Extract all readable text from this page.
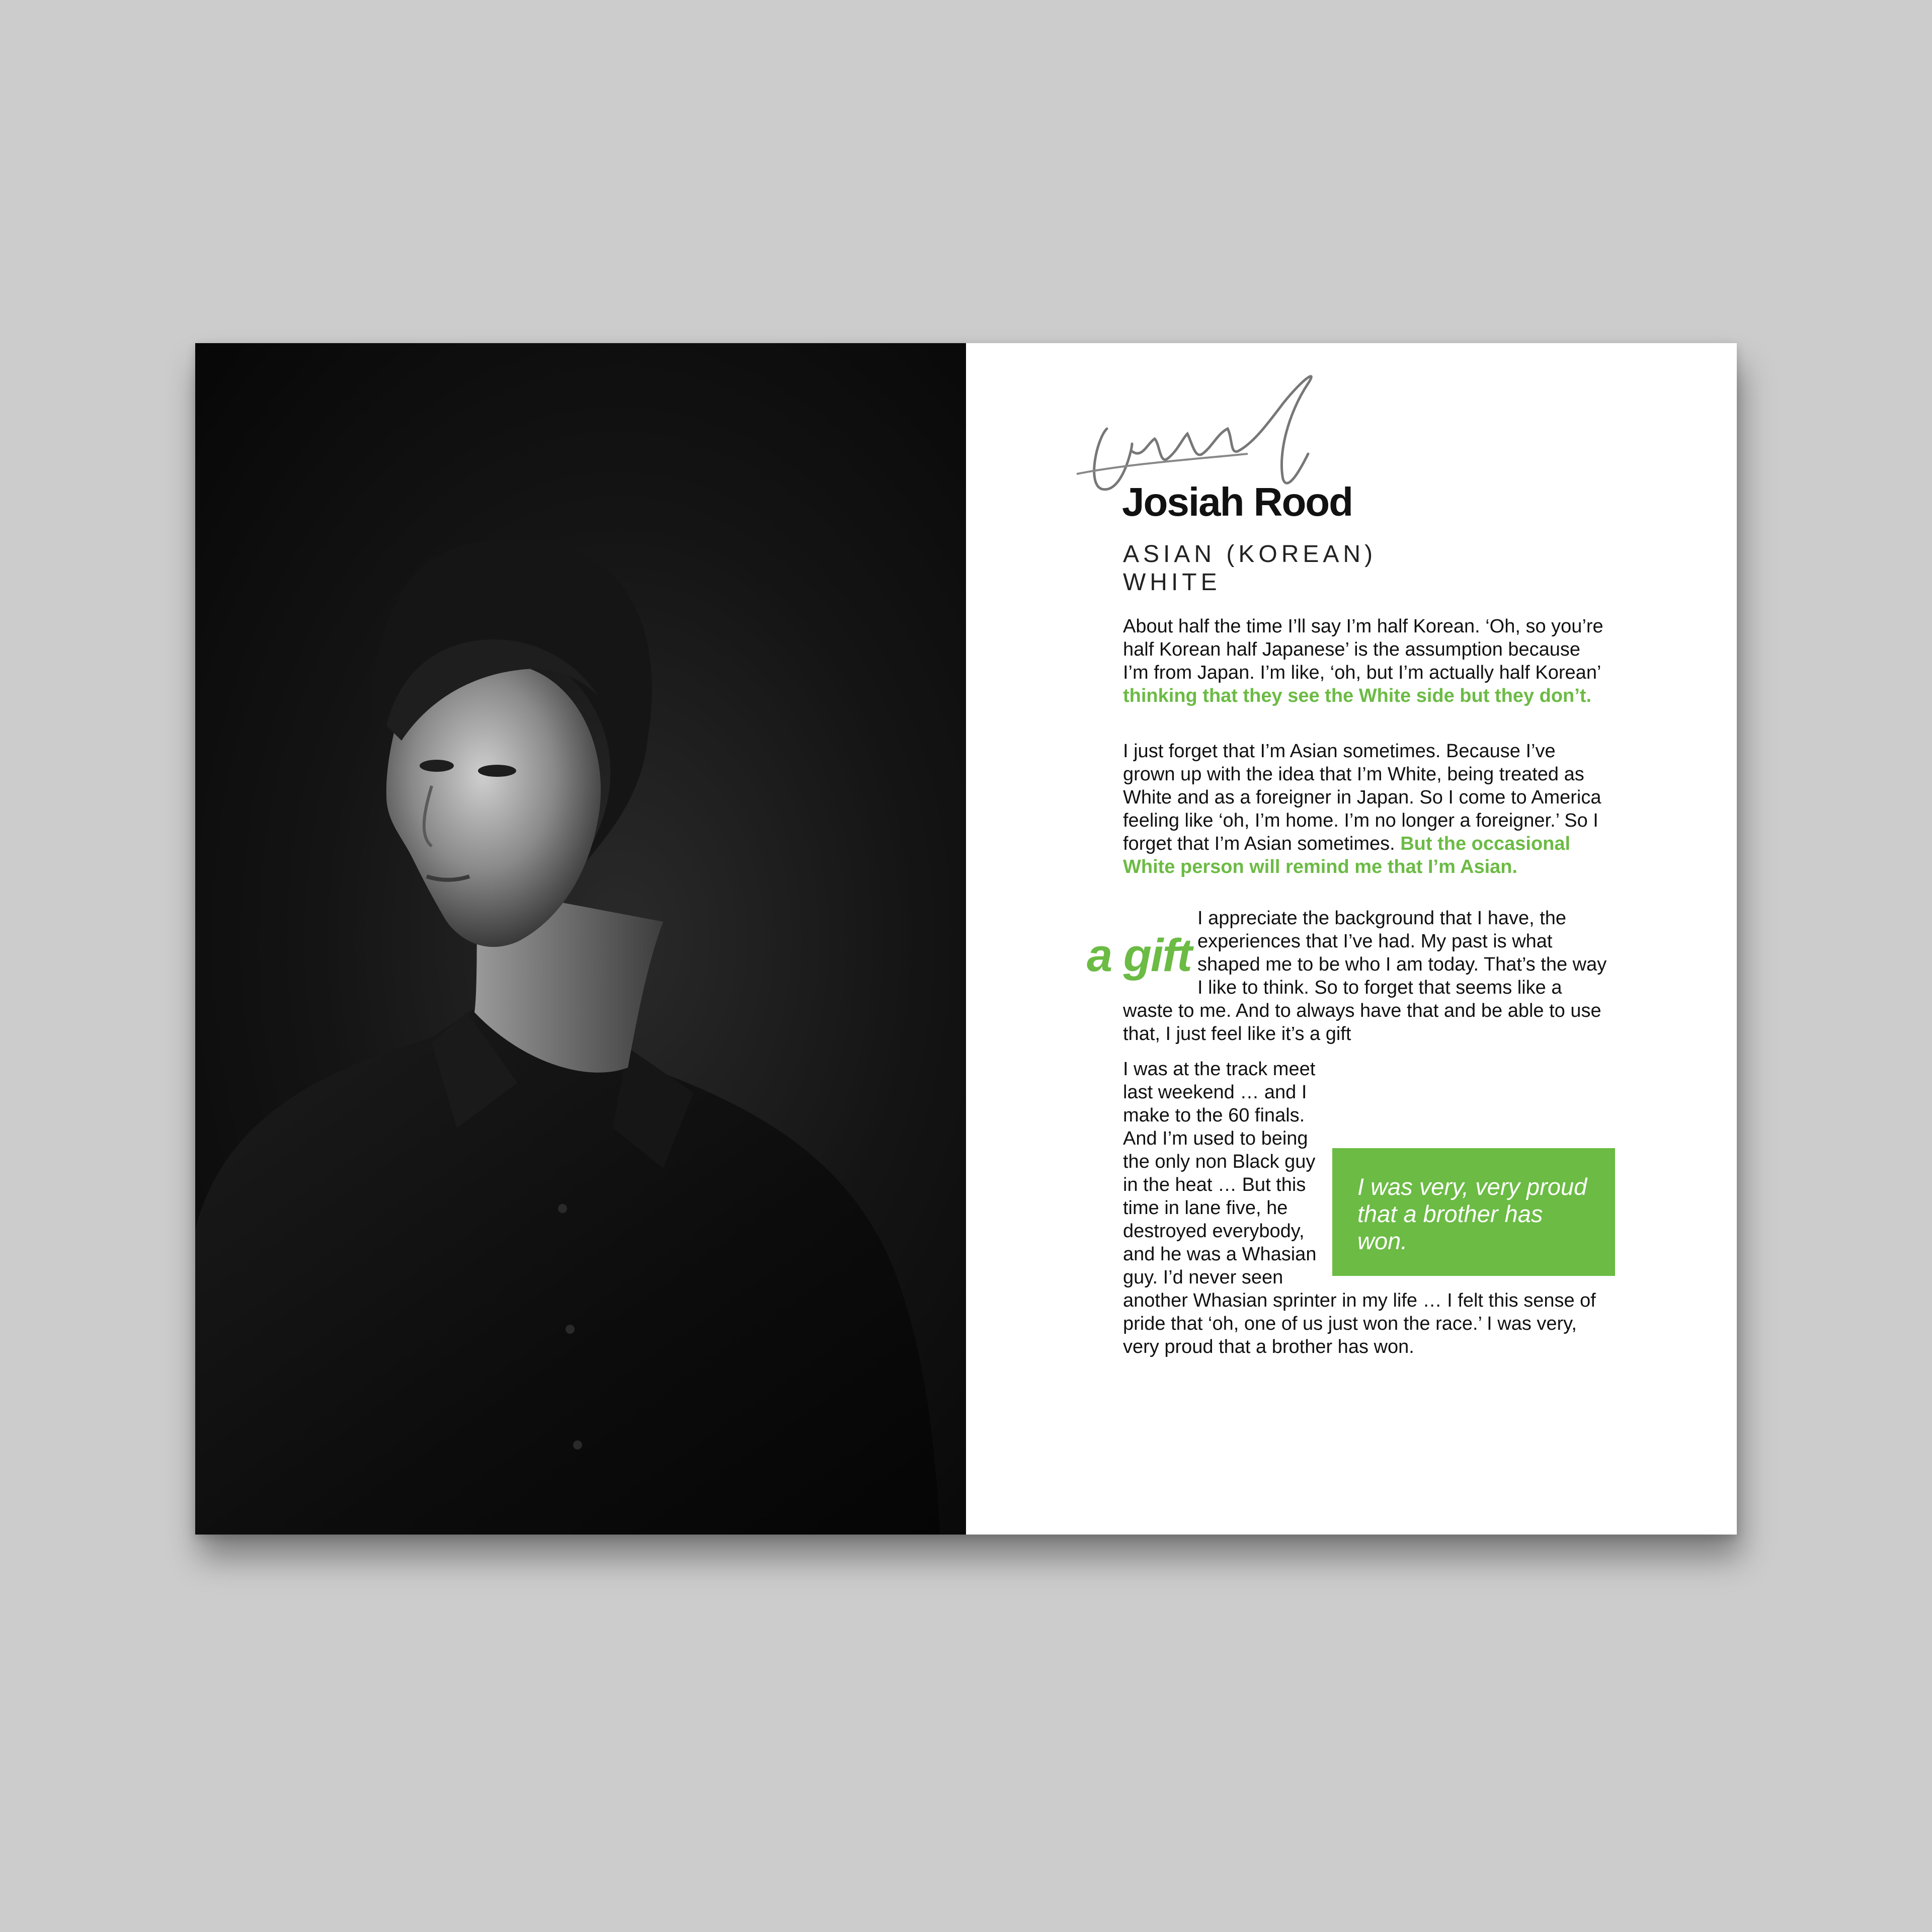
Josiah Rood
ASIAN (KOREAN)
WHITE

About half the time I’ll say I’m half Korean. ‘Oh, so you’re half Korean half Japanese’ is the assumption because I’m from Japan. I’m like, ‘oh, but I’m actually half Korean’ thinking that they see the White side but they don’t.

I just forget that I’m Asian sometimes. Because I’ve grown up with the idea that I’m White, being treated as White and as a foreigner in Japan. So I come to America feeling like ‘oh, I’m home. I’m no longer a foreigner.’ So I forget that I’m Asian sometimes. But the occasional White person will remind me that I’m Asian.

a gift
I appreciate the background that I have, the experiences that I’ve had. My past is what shaped me to be who I am today. That’s the way I like to think. So to forget that seems like a waste to me. And to always have that and be able to use that, I just feel like it’s a gift
I was very, very proud that a brother has won.
I was at the track meet last weekend … and I make to the 60 finals. And I’m used to being the only non Black guy in the heat … But this time in lane five, he destroyed everybody, and he was a Whasian guy. I’d never seen another Whasian sprinter in my life … I felt this sense of pride that ‘oh, one of us just won the race.’ I was very, very proud that a brother has won.
